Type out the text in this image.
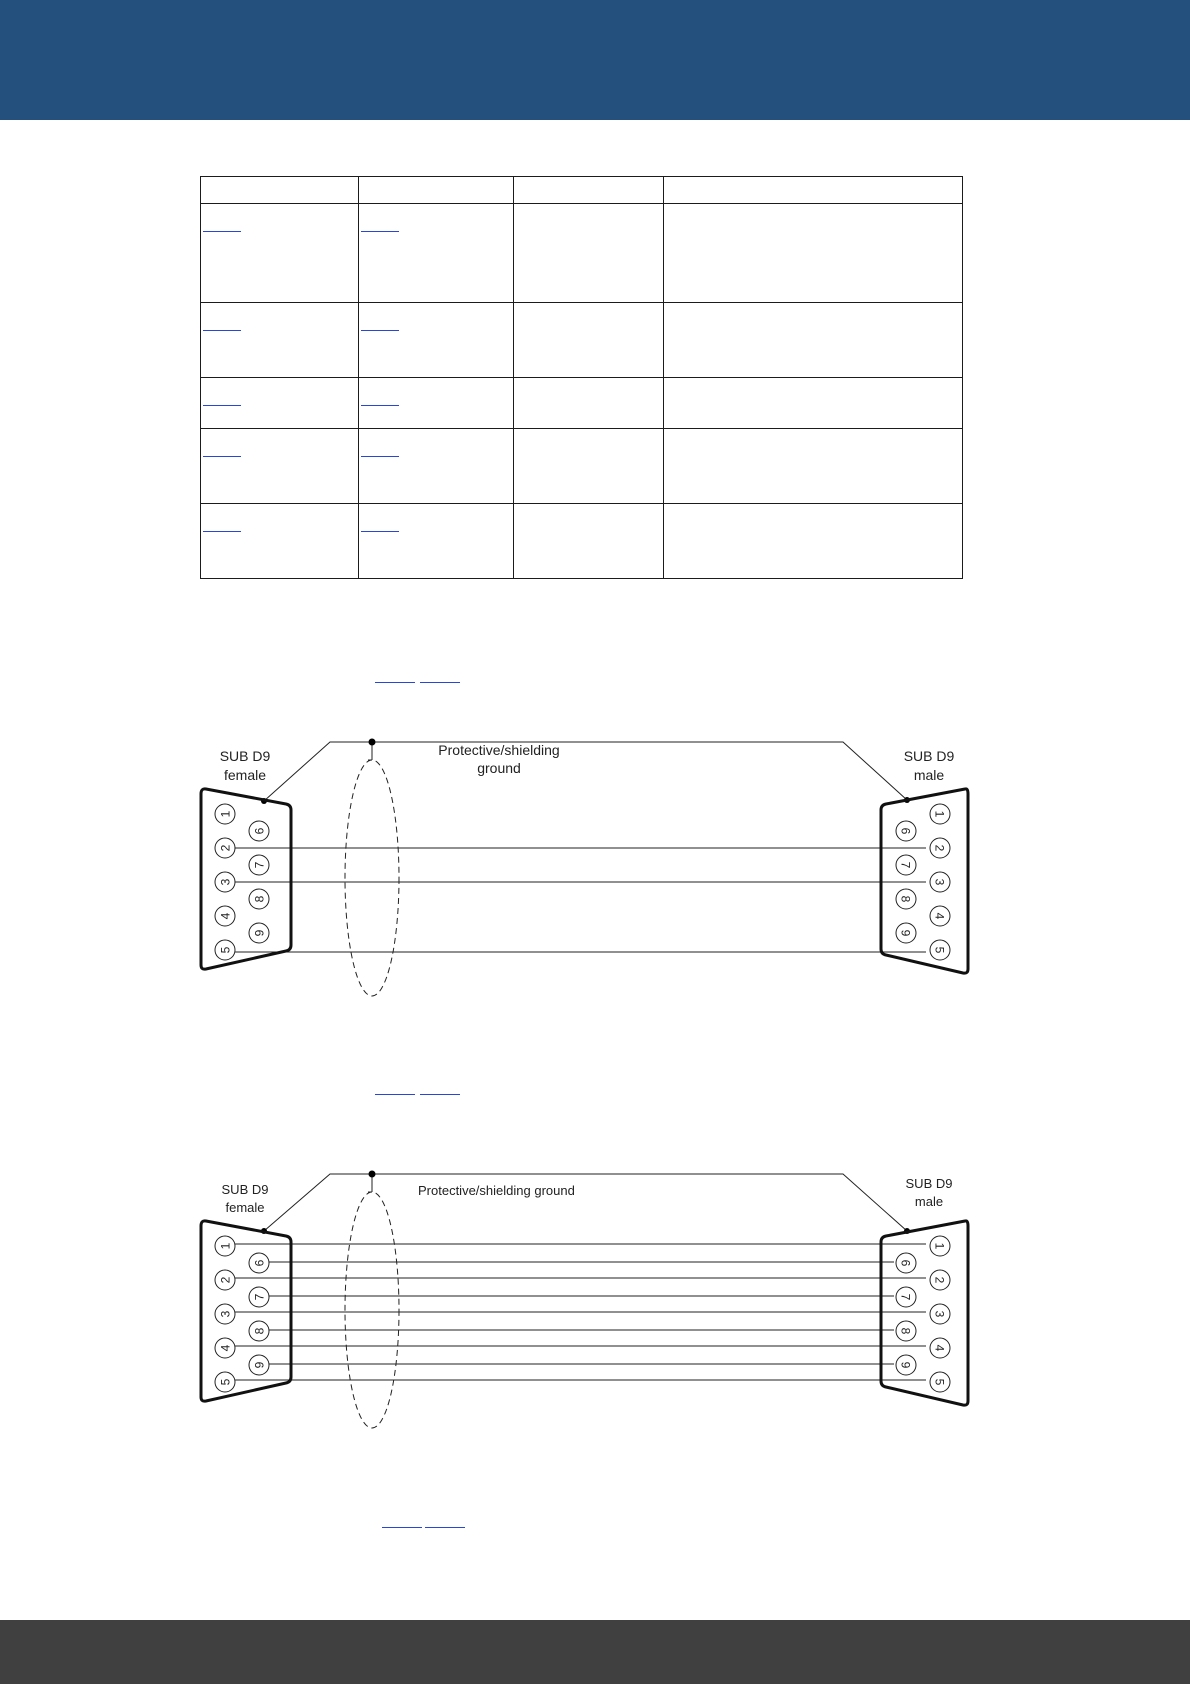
1
2
3
4
5
6
7
8
9
1
2
3
4
5
6
7
8
9
SUB D9 female
SUB D9 male
Protective/shielding ground
1
2
3
4
5
6
7
8
9
1
2
3
4
5
6
7
8
9
SUB D9 female
SUB D9 male
Protective/shielding ground
